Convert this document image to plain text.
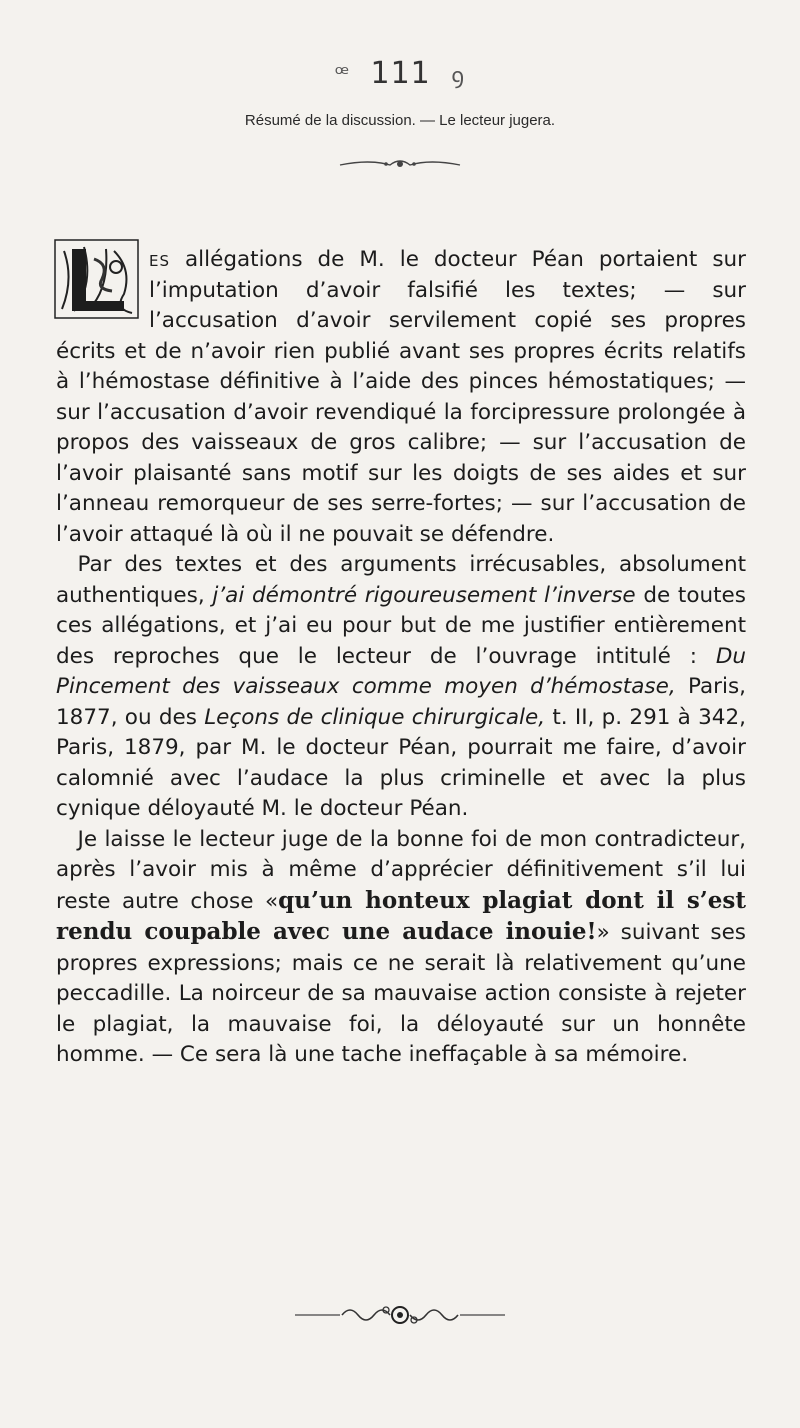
ꟹ 111 ꝯ
Résumé de la discussion. — Le lecteur jugera.

es allégations de M. le docteur Péan portaient sur l’imputation d’avoir falsifié les textes; — sur l’accusation d’avoir servilement copié ses propres écrits et de n’avoir rien publié avant ses propres écrits relatifs à l’hémostase définitive à l’aide des pinces hémostatiques; — sur l’accusation d’avoir revendiqué la forcipressure prolongée à propos des vaisseaux de gros calibre; — sur l’accusation de l’avoir plaisanté sans motif sur les doigts de ses aides et sur l’anneau remorqueur de ses serre-fortes; — sur l’accusation de l’avoir attaqué là où il ne pouvait se défendre.

 Par des textes et des arguments irrécusables, absolument authentiques, j’ai démontré rigoureusement l’inverse de toutes ces allégations, et j’ai eu pour but de me justifier entièrement des reproches que le lecteur de l’ouvrage intitulé : Du Pincement des vaisseaux comme moyen d’hémostase, Paris, 1877, ou des Leçons de clinique chirurgicale, t. II, p. 291 à 342, Paris, 1879, par M. le docteur Péan, pourrait me faire, d’avoir calomnié avec l’audace la plus criminelle et avec la plus cynique déloyauté M. le docteur Péan.

 Je laisse le lecteur juge de la bonne foi de mon contradicteur, après l’avoir mis à même d’apprécier définitivement s’il lui reste autre chose «qu’un honteux plagiat dont il s’est rendu coupable avec une audace inouie!» suivant ses propres expressions; mais ce ne serait là relativement qu’une peccadille. La noirceur de sa mauvaise action consiste à rejeter le plagiat, la mauvaise foi, la déloyauté sur un honnête homme. — Ce sera là une tache ineffaçable à sa mémoire.
